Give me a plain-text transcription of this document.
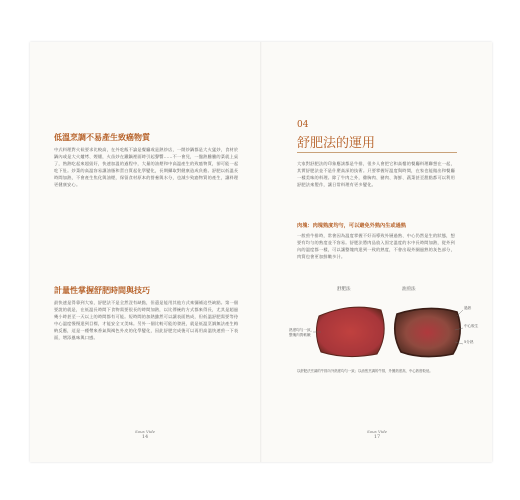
低溫烹調不易產生致癌物質
中式料理對火候要求比較高，在外吃飯不論是餐廳或是熱炒店，一開炒鍋都是大火猛炒，食材於鍋內或是大火爐烤、煙燻，火苗炒在鐵鍋裡面時引起聲響……不一會兒，一盤熱騰騰的菜就上桌了，熟熱吃起來超級好，快速加溫的過程中，大量的油煙和中高溫產生的致癌物質，卻可能一起吃下肚。炒菜的高溫容易讓油脂和蛋白質起化學變化，長期攝取對健康造成負擔。舒肥以低溫長時間加熱，不會產生焦化與油煙，保留食材原本的營養與水分，也減少致癌物質的產生，讓料理更健康安心。
計量性掌握舒肥時間與技巧
最快速是得靠到大家，舒肥法不是全然沒有缺點，但還是能用其他方式來彌補這些缺點。第一個要說的就是，在低溫長時間下食物需要很長的時間加熱，以比傳統的方式都來得長，尤其是超過幾小時甚至一天以上的時間都有可能。短時間的加熱雖然可以讓表面熟成，但低溫舒肥需要等待中心溫度慢慢達到目標，才能安全又美味。另外一個比較可能的發展，就是低溫烹調無法產生梅納反應，這是一種帶來香氣與褐色外皮的化學變化，因此舒肥完成後可以再用高溫快速煎一下表面，增添風味與口感。
Sous Vide
14
04
舒肥法的運用
大家對舒肥法的印象應該都是牛排，很多人會把它和高檔的餐廳料理聯想在一起，其實舒肥法並不是什麼高深的技術。只要掌握好溫度與時間，在家也能做出和餐廳一樣美味的料理。除了牛肉之外，雞胸肉、豬肉、海鮮、蔬菜甚至甜點都可以利用舒肥法來製作，讓日常料理有更多變化。
肉塊：肉塊熟度均勻，可以避免外熟內生或過熟
一般煎牛排時，常會因為溫度掌握不好而導致外層過熟、中心仍然是生的狀態，想要有均勻的熟度並不容易。舒肥法將肉品放入固定溫度的水中長時間加熱，從外到內的溫度都一樣，可以讓整塊肉達到一致的熟度，不會出現外圈過熟的灰色部分，肉質也會更加鮮嫩多汁。
舒肥法	油煎法
熟度均勻一致，整塊肉質軟嫩
過熟
中心較生
5分熟
以舒肥法烹調的牛排內外熟度均勻一致；以油煎烹調的牛排，外圈熟度高，中心熟度較低。
Sous Vide
17
